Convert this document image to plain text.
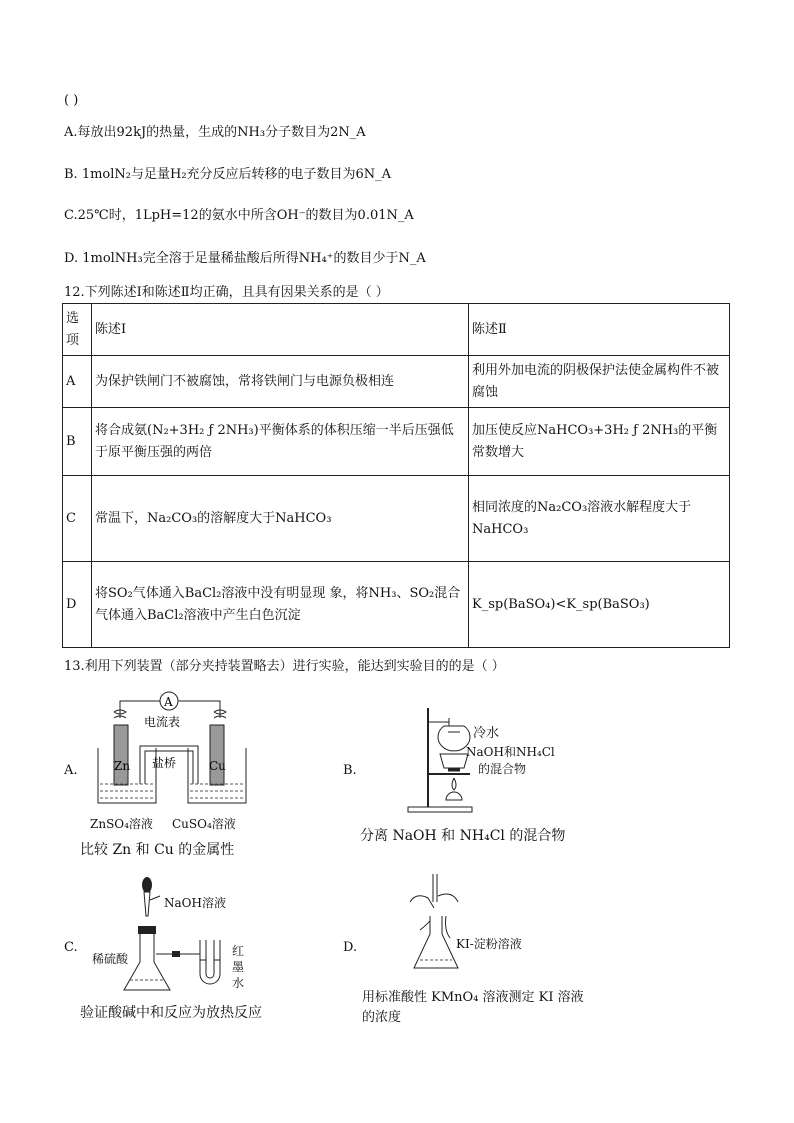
( )
A.每放出92kJ的热量，生成的NH₃分子数目为2N_A
B. 1molN₂与足量H₂充分反应后转移的电子数目为6N_A
C.25℃时，1LpH=12的氨水中所含OH⁻的数目为0.01N_A
D. 1molNH₃完全溶于足量稀盐酸后所得NH₄⁺的数目少于N_A
12.下列陈述Ⅰ和陈述Ⅱ均正确，且具有因果关系的是（ ）
选项	陈述Ⅰ	陈述Ⅱ
A	为保护铁闸门不被腐蚀，常将铁闸门与电源负极相连	利用外加电流的阴极保护法使金属构件不被腐蚀
B	将合成氨(N₂+3H₂ ƒ 2NH₃)平衡体系的体积压缩一半后压强低于原平衡压强的两倍	加压使反应NaHCO₃+3H₂ ƒ 2NH₃的平衡常数增大
C	常温下，Na₂CO₃的溶解度大于NaHCO₃	相同浓度的Na₂CO₃溶液水解程度大于NaHCO₃
D	将SO₂气体通入BaCl₂溶液中没有明显现 象，将NH₃、SO₂混合气体通入BaCl₂溶液中产生白色沉淀	K_sp(BaSO₄)<K_sp(BaSO₃)
13.利用下列装置（部分夹持装置略去）进行实验，能达到实验目的的是（ ）
A.
A
电流表
Zn	Cu
盐桥
ZnSO₄溶液 CuSO₄溶液
比较 Zn 和 Cu 的金属性
B.
冷水
NaOH和NH₄Cl
的混合物
分离 NaOH 和 NH₄Cl 的混合物
C.
NaOH溶液
稀硫酸
红
墨
水
验证酸碱中和反应为放热反应
D.	KI-淀粉溶液
用标准酸性 KMnO₄ 溶液测定 KI 溶液
的浓度
